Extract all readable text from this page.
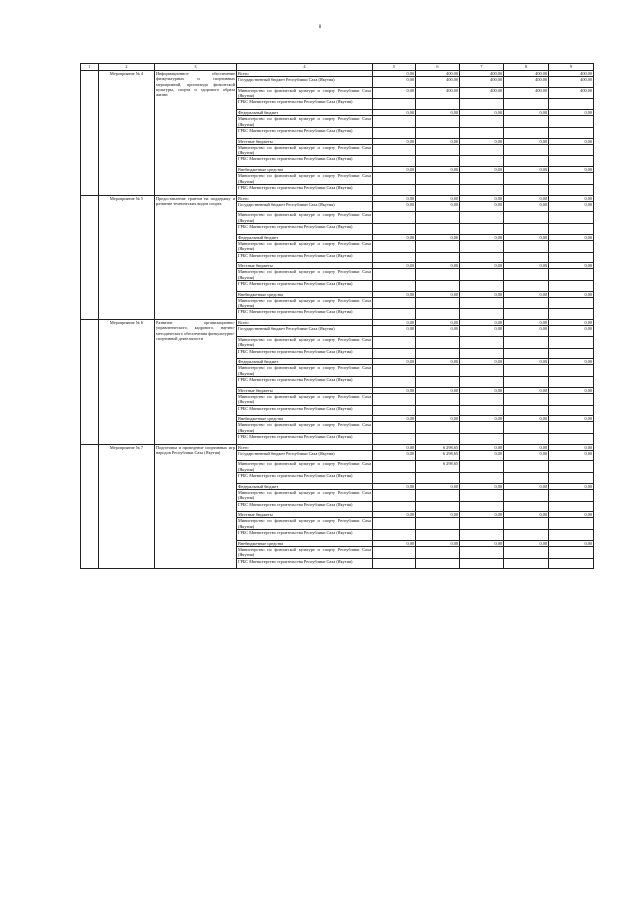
8
1	2	3	4	5	6	7	8	9
	Мероприятие № 4	Информационное обеспечение физкультурных и спортивных мероприятий, пропаганда физической культуры, спорта и здорового образа жизни	Всего	0,00	400,00	400,00	400,00	400,00
			Государственный бюджет Республики Саха (Якутия)	0,00	400,00	400,00	400,00	400,00
			Министерство по физической культуре и спорту Республики Саха (Якутия)	0,00	400,00	400,00	400,00	400,00
			ГРБС Министерство строительства Республики Саха (Якутия)					
			Федеральный бюджет	0,00	0,00	0,00	0,00	0,00
			Министерство по физической культуре и спорту Республики Саха (Якутия)					
			ГРБС Министерство строительства Республики Саха (Якутия)					
			Местные бюджеты	0,00	0,00	0,00	0,00	0,00
			Министерство по физической культуре и спорту Республики Саха (Якутия)					
			ГРБС Министерство строительства Республики Саха (Якутия)					
			Внебюджетные средства	0,00	0,00	0,00	0,00	0,00
			Министерство по физической культуре и спорту Республики Саха (Якутия)					
			ГРБС Министерство строительства Республики Саха (Якутия)					
	Мероприятие № 5	Предоставление грантов на поддержку и развитие технических видов спорта	Всего	0,00	0,00	0,00	0,00	0,00
			Государственный бюджет Республики Саха (Якутия)	0,00	0,00	0,00	0,00	0,00
			Министерство по физической культуре и спорту Республики Саха (Якутия)					
			ГРБС Министерство строительства Республики Саха (Якутия)					
			Федеральный бюджет	0,00	0,00	0,00	0,00	0,00
			Министерство по физической культуре и спорту Республики Саха (Якутия)					
			ГРБС Министерство строительства Республики Саха (Якутия)					
			Местные бюджеты	0,00	0,00	0,00	0,00	0,00
			Министерство по физической культуре и спорту Республики Саха (Якутия)					
			ГРБС Министерство строительства Республики Саха (Якутия)					
			Внебюджетные средства	0,00	0,00	0,00	0,00	0,00
			Министерство по физической культуре и спорту Республики Саха (Якутия)					
			ГРБС Министерство строительства Республики Саха (Якутия)					
	Мероприятие № 6	Развитие организационно-управленческого, кадрового, научно-методического обеспечения физкультурно-спортивной деятельности	Всего	0,00	0,00	0,00	0,00	0,00
			Государственный бюджет Республики Саха (Якутия)	0,00	0,00	0,00	0,00	0,00
			Министерство по физической культуре и спорту Республики Саха (Якутия)					
			ГРБС Министерство строительства Республики Саха (Якутия)					
			Федеральный бюджет	0,00	0,00	0,00	0,00	0,00
			Министерство по физической культуре и спорту Республики Саха (Якутия)					
			ГРБС Министерство строительства Республики Саха (Якутия)					
			Местные бюджеты	0,00	0,00	0,00	0,00	0,00
			Министерство по физической культуре и спорту Республики Саха (Якутия)					
			ГРБС Министерство строительства Республики Саха (Якутия)					
			Внебюджетные средства	0,00	0,00	0,00	0,00	0,00
			Министерство по физической культуре и спорту Республики Саха (Якутия)					
			ГРБС Министерство строительства Республики Саха (Якутия)					
	Мероприятие № 7	Подготовка и проведение спортивных игр народов Республики Саха (Якутия)	Всего	0,00	6 298,65	0,00	0,00	0,00
			Государственный бюджет Республики Саха (Якутия)	0,00	6 298,65	0,00	0,00	0,00
			Министерство по физической культуре и спорту Республики Саха (Якутия)		6 298,65			
			ГРБС Министерство строительства Республики Саха (Якутия)					
			Федеральный бюджет	0,00	0,00	0,00	0,00	0,00
			Министерство по физической культуре и спорту Республики Саха (Якутия)					
			ГРБС Министерство строительства Республики Саха (Якутия)					
			Местные бюджеты	0,00	0,00	0,00	0,00	0,00
			Министерство по физической культуре и спорту Республики Саха (Якутия)					
			ГРБС Министерство строительства Республики Саха (Якутия)					
			Внебюджетные средства	0,00	0,00	0,00	0,00	0,00
			Министерство по физической культуре и спорту Республики Саха (Якутия)					
			ГРБС Министерство строительства Республики Саха (Якутия)					
